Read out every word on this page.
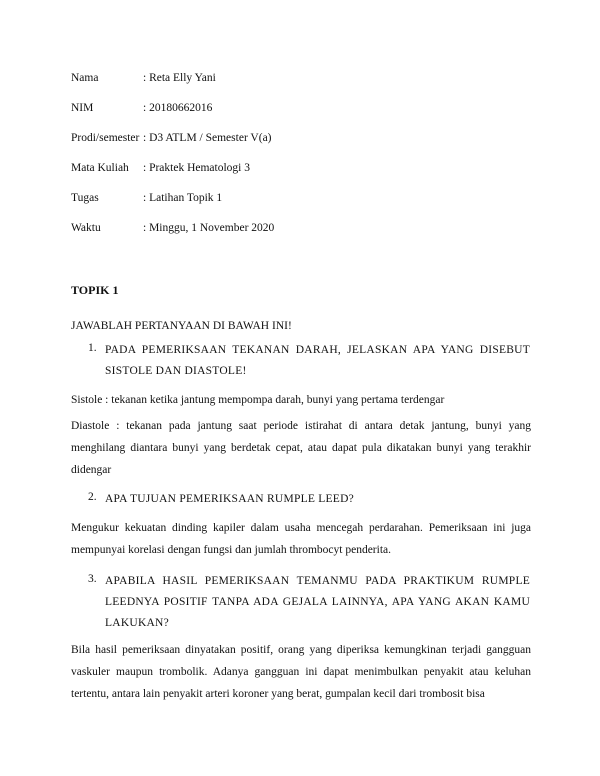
Nama	: Reta Elly Yani
NIM	: 20180662016
Prodi/semester : D3 ATLM / Semester V(a)
Mata Kuliah	: Praktek Hematologi 3
Tugas	: Latihan Topik 1
Waktu	: Minggu, 1 November 2020
TOPIK 1
JAWABLAH PERTANYAAN DI BAWAH INI!
1. PADA PEMERIKSAAN TEKANAN DARAH, JELASKAN APA YANG DISEBUT SISTOLE DAN DIASTOLE!
Sistole : tekanan ketika jantung mempompa darah, bunyi yang pertama terdengar
Diastole : tekanan pada jantung saat periode istirahat di antara detak jantung, bunyi yang menghilang diantara bunyi yang berdetak cepat, atau dapat pula dikatakan bunyi yang terakhir didengar
2. APA TUJUAN PEMERIKSAAN RUMPLE LEED?
Mengukur kekuatan dinding kapiler dalam usaha mencegah perdarahan. Pemeriksaan ini juga mempunyai korelasi dengan fungsi dan jumlah thrombocyt penderita.
3. APABILA HASIL PEMERIKSAAN TEMANMU PADA PRAKTIKUM RUMPLE LEEDNYA POSITIF TANPA ADA GEJALA LAINNYA, APA YANG AKAN KAMU LAKUKAN?
Bila hasil pemeriksaan dinyatakan positif, orang yang diperiksa kemungkinan terjadi gangguan vaskuler maupun trombolik. Adanya gangguan ini dapat menimbulkan penyakit atau keluhan tertentu, antara lain penyakit arteri koroner yang berat, gumpalan kecil dari trombosit bisa
